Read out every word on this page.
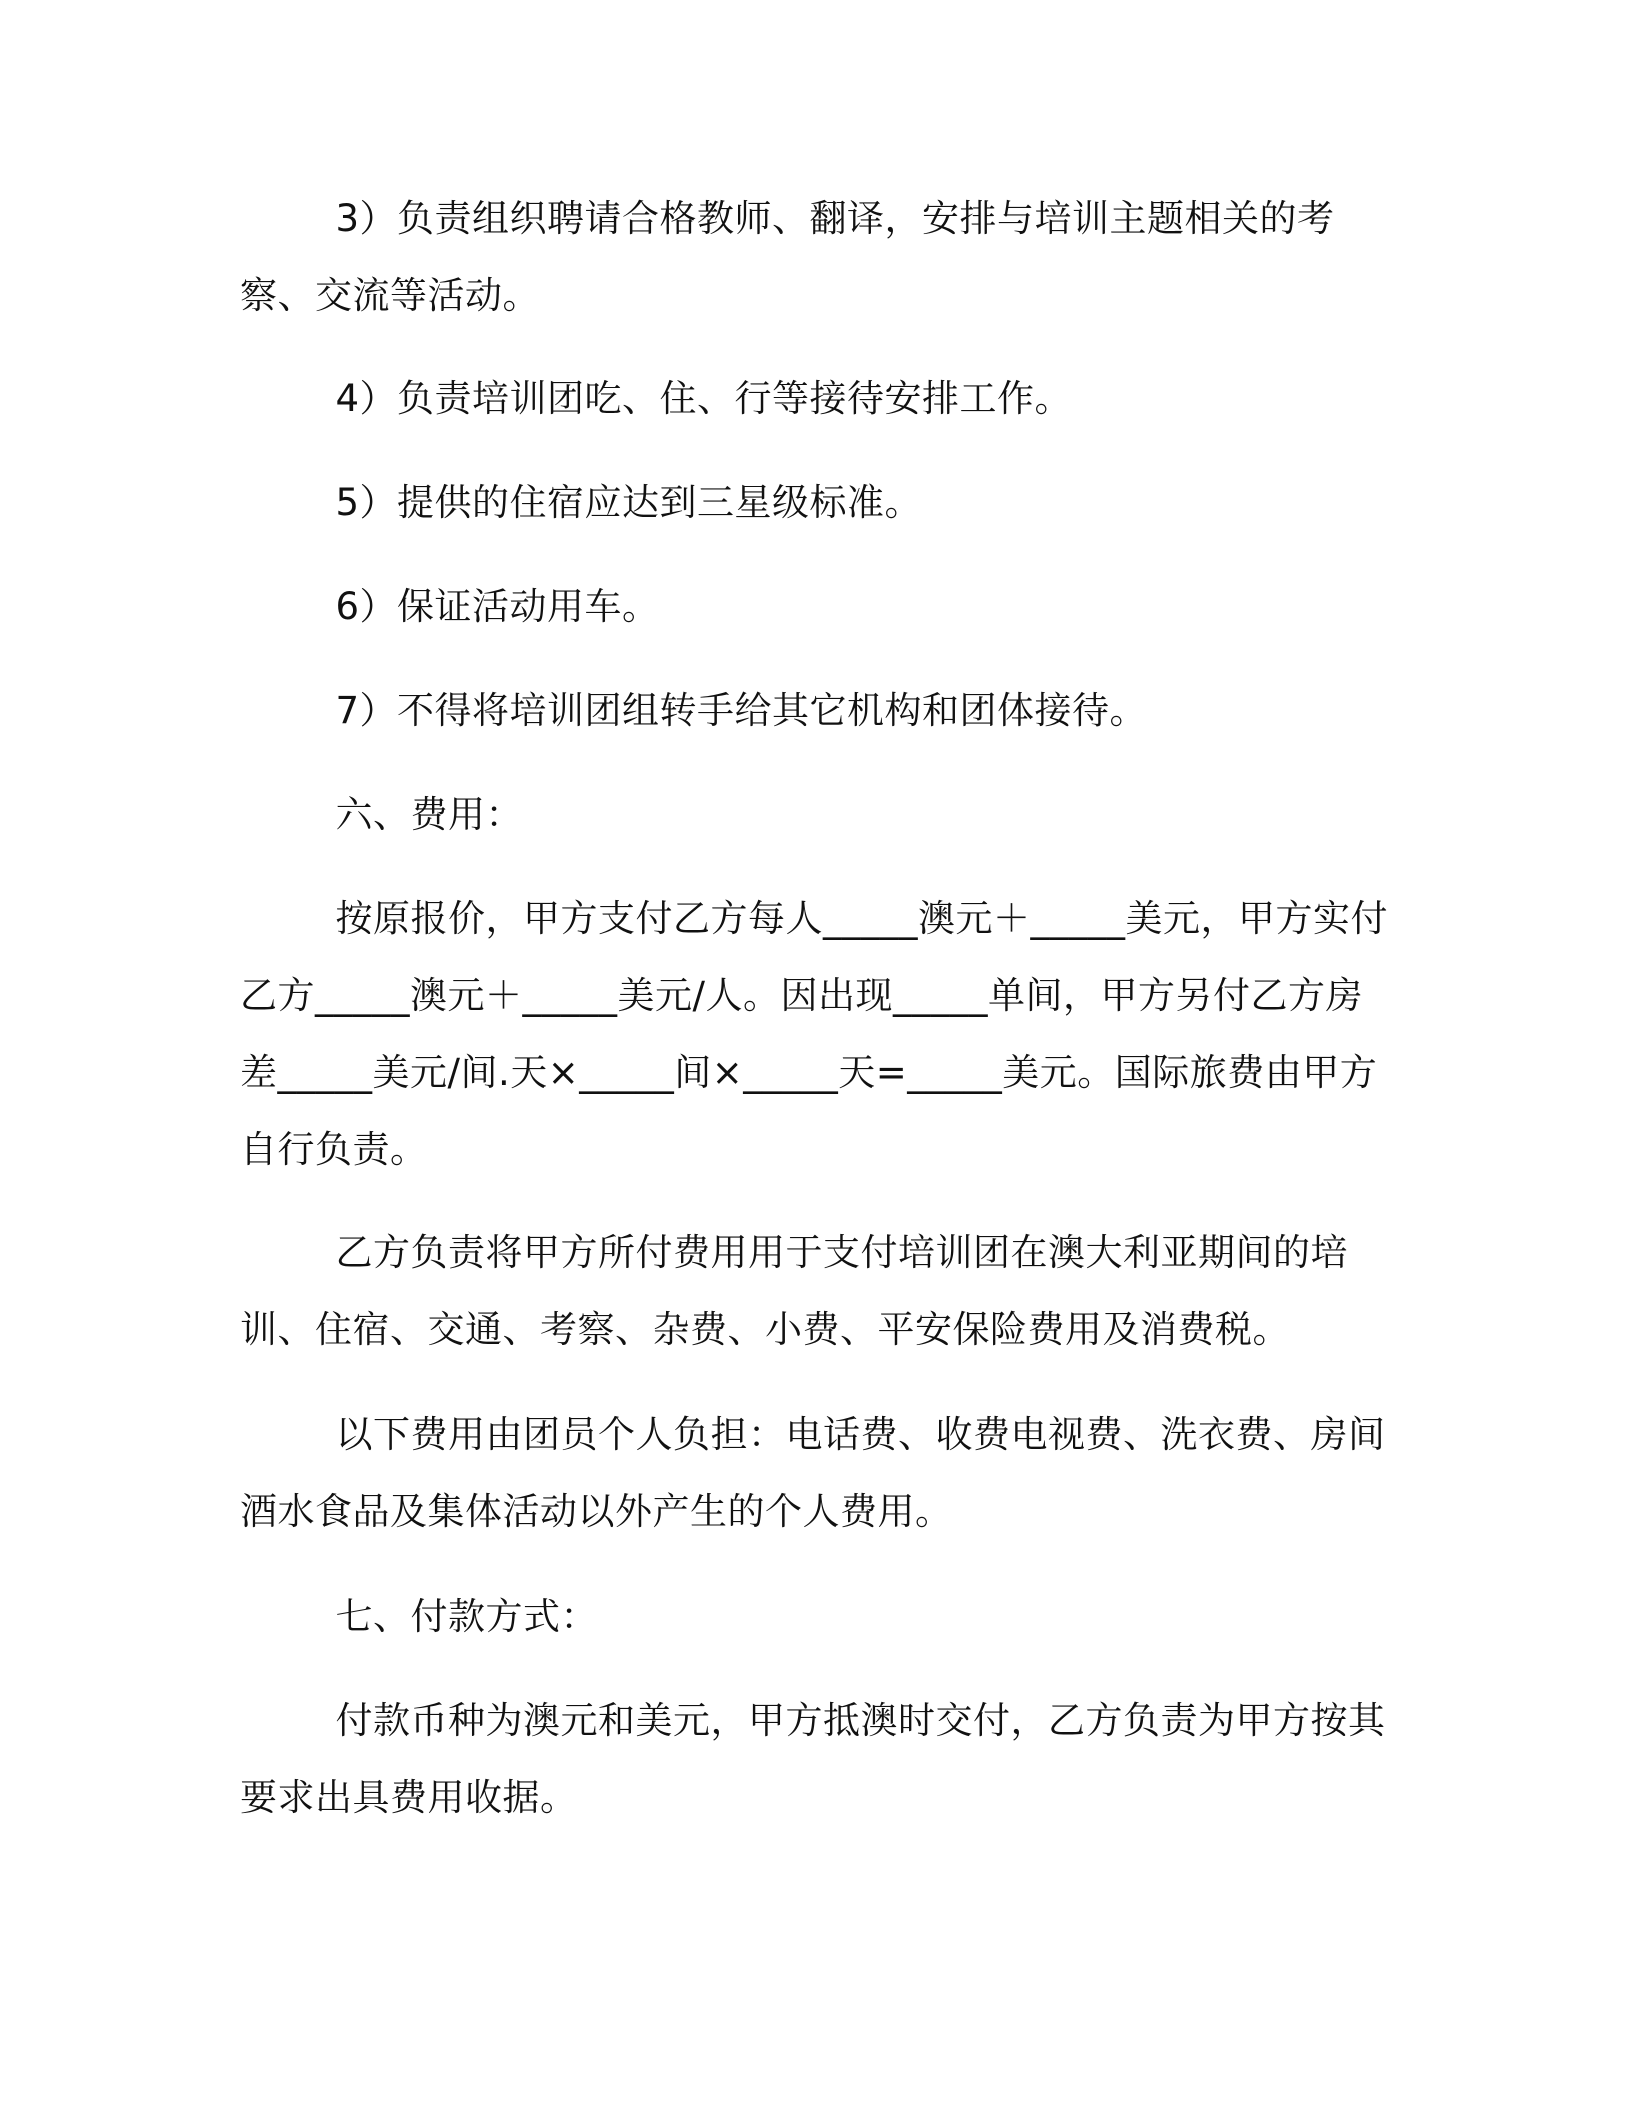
3）负责组织聘请合格教师、翻译，安排与培训主题相关的考察、交流等活动。

4）负责培训团吃、住、行等接待安排工作。

5）提供的住宿应达到三星级标准。

6）保证活动用车。

7）不得将培训团组转手给其它机构和团体接待。

六、费用：

按原报价，甲方支付乙方每人_____澳元＋_____美元，甲方实付乙方_____澳元＋_____美元/人。因出现_____单间，甲方另付乙方房差_____美元/间.天×_____间×_____天=_____美元。国际旅费由甲方自行负责。

乙方负责将甲方所付费用用于支付培训团在澳大利亚期间的培训、住宿、交通、考察、杂费、小费、平安保险费用及消费税。

以下费用由团员个人负担：电话费、收费电视费、洗衣费、房间酒水食品及集体活动以外产生的个人费用。

七、付款方式：

付款币种为澳元和美元，甲方抵澳时交付，乙方负责为甲方按其要求出具费用收据。
